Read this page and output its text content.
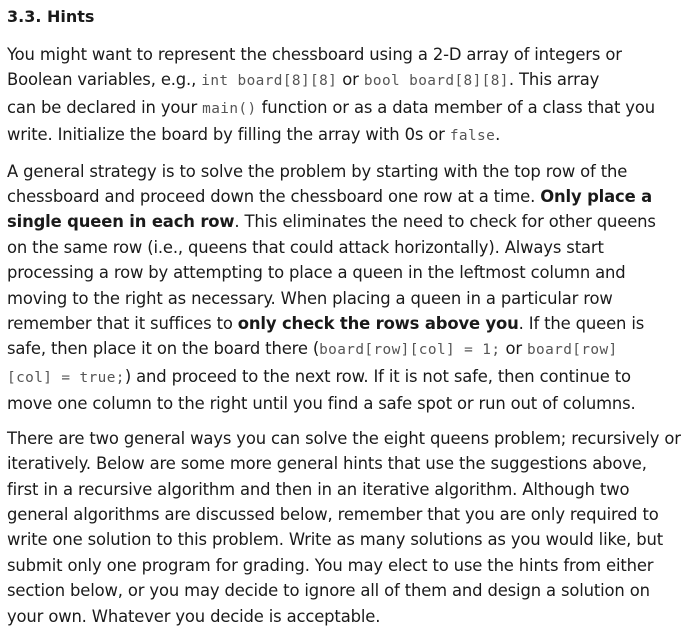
3.3. Hints
You might want to represent the chessboard using a 2-D array of integers or
Boolean variables, e.g., int board[8][8] or bool board[8][8]. This array
can be declared in your main() function or as a data member of a class that you
write. Initialize the board by filling the array with 0s or false.
A general strategy is to solve the problem by starting with the top row of the
chessboard and proceed down the chessboard one row at a time. Only place a
single queen in each row. This eliminates the need to check for other queens
on the same row (i.e., queens that could attack horizontally). Always start
processing a row by attempting to place a queen in the leftmost column and
moving to the right as necessary. When placing a queen in a particular row
remember that it suffices to only check the rows above you. If the queen is
safe, then place it on the board there (board[row][col] = 1; or board[row]
[col] = true;) and proceed to the next row. If it is not safe, then continue to
move one column to the right until you find a safe spot or run out of columns.
There are two general ways you can solve the eight queens problem; recursively or
iteratively. Below are some more general hints that use the suggestions above,
first in a recursive algorithm and then in an iterative algorithm. Although two
general algorithms are discussed below, remember that you are only required to
write one solution to this problem. Write as many solutions as you would like, but
submit only one program for grading. You may elect to use the hints from either
section below, or you may decide to ignore all of them and design a solution on
your own. Whatever you decide is acceptable.
